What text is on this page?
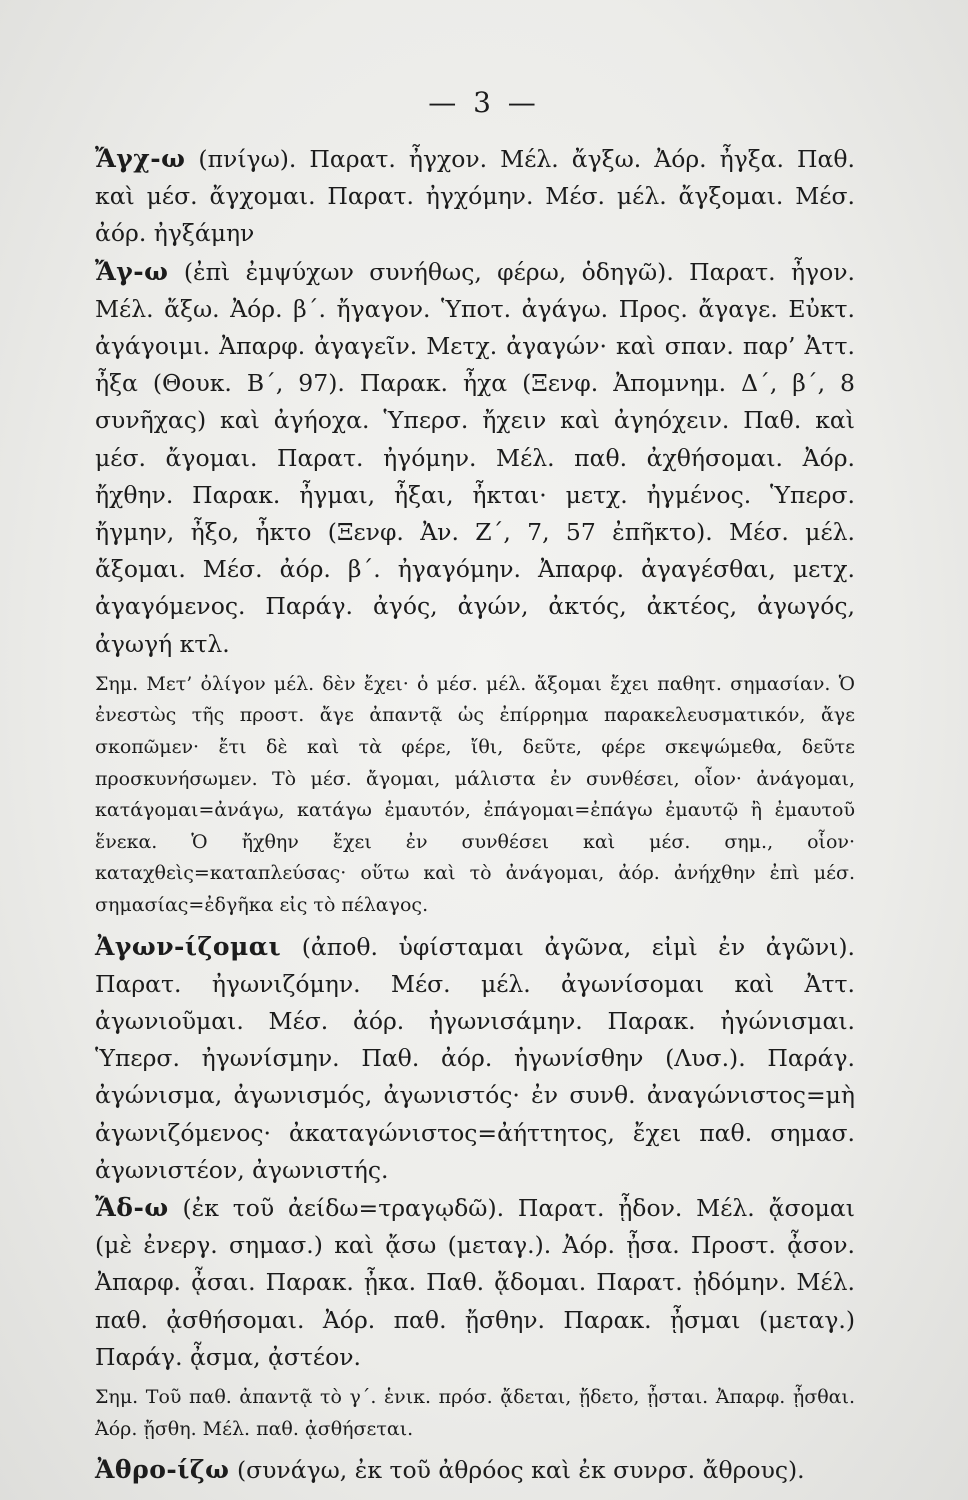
— 3 —

Ἄγχ-ω (πνίγω). Παρατ. ἦγχον. Μέλ. ἄγξω. Ἀόρ. ἦγξα. Παθ. καὶ μέσ. ἄγχομαι. Παρατ. ἠγχόμην. Μέσ. μέλ. ἄγξομαι. Μέσ. ἀόρ. ἠγξάμην

Ἄγ-ω (ἐπὶ ἐμψύχων συνήθως, φέρω, ὁδηγῶ). Παρατ. ἦγον. Μέλ. ἄξω. Ἀόρ. β΄. ἤγαγον. Ὑποτ. ἀγάγω. Προς. ἄγαγε. Εὐκτ. ἀγάγοιμι. Ἀπαρφ. ἀγαγεῖν. Μετχ. ἀγαγών· καὶ σπαν. παρ’ Ἀττ. ἦξα (Θουκ. Β΄, 97). Παρακ. ἦχα (Ξενφ. Ἀπομνημ. Δ΄, β΄, 8 συνῆχας) καὶ ἀγήοχα. Ὑπερσ. ἤχειν καὶ ἀγηόχειν. Παθ. καὶ μέσ. ἄγομαι. Παρατ. ἠγόμην. Μέλ. παθ. ἀχθήσομαι. Ἀόρ. ἤχθην. Παρακ. ἦγμαι, ἦξαι, ἦκται· μετχ. ἠγμένος. Ὑπερσ. ἤγμην, ἦξο, ἦκτο (Ξενφ. Ἀν. Ζ΄, 7, 57 ἐπῆκτο). Μέσ. μέλ. ἄξομαι. Μέσ. ἀόρ. β΄. ἠγαγόμην. Ἀπαρφ. ἀγαγέσθαι, μετχ. ἀγαγόμενος. Παράγ. ἀγός, ἀγών, ἀκτός, ἀκτέος, ἀγωγός, ἀγωγή κτλ.

Σημ. Μετ’ ὀλίγον μέλ. δὲν ἔχει· ὁ μέσ. μέλ. ἄξομαι ἔχει παθητ. σημασίαν. Ὁ ἐνεστὼς τῆς προστ. ἄγε ἀπαντᾷ ὡς ἐπίρρημα παρακελευσματικόν, ἄγε σκοπῶμεν· ἔτι δὲ καὶ τὰ φέρε, ἴθι, δεῦτε, φέρε σκεψώμεθα, δεῦτε προσκυνήσωμεν. Τὸ μέσ. ἄγομαι, μάλιστα ἐν συνθέσει, οἷον· ἀνάγομαι, κατάγομαι=ἀνάγω, κατάγω ἐμαυτόν, ἐπάγομαι=ἐπάγω ἐμαυτῷ ἢ ἐμαυτοῦ ἕνεκα. Ὁ ἤχθην ἔχει ἐν συνθέσει καὶ μέσ. σημ., οἷον· καταχθεὶς=καταπλεύσας· οὕτω καὶ τὸ ἀνάγομαι, ἀόρ. ἀνήχθην ἐπὶ μέσ. σημασίας=ἐδγῆκα εἰς τὸ πέλαγος.

Ἀγων-ίζομαι (ἀποθ. ὑφίσταμαι ἀγῶνα, εἰμὶ ἐν ἀγῶνι). Παρατ. ἠγωνιζόμην. Μέσ. μέλ. ἀγωνίσομαι καὶ Ἀττ. ἀγωνιοῦμαι. Μέσ. ἀόρ. ἠγωνισάμην. Παρακ. ἠγώνισμαι. Ὑπερσ. ἠγωνίσμην. Παθ. ἀόρ. ἠγωνίσθην (Λυσ.). Παράγ. ἀγώνισμα, ἀγωνισμός, ἀγωνιστός· ἐν συνθ. ἀναγώνιστος=μὴ ἀγωνιζόμενος· ἀκαταγώνιστος=ἀήττητος, ἔχει παθ. σημασ. ἀγωνιστέον, ἀγωνιστής.

Ἄδ-ω (ἐκ τοῦ ἀείδω=τραγῳδῶ). Παρατ. ᾖδον. Μέλ. ᾄσομαι (μὲ ἐνεργ. σημασ.) καὶ ᾄσω (μεταγ.). Ἀόρ. ᾖσα. Προστ. ᾆσον. Ἀπαρφ. ᾆσαι. Παρακ. ᾖκα. Παθ. ᾄδομαι. Παρατ. ᾐδόμην. Μέλ. παθ. ᾀσθήσομαι. Ἀόρ. παθ. ᾔσθην. Παρακ. ᾖσμαι (μεταγ.) Παράγ. ᾆσμα, ᾀστέον.

Σημ. Τοῦ παθ. ἀπαντᾷ τὸ γ΄. ἑνικ. πρόσ. ᾄδεται, ᾔδετο, ᾖσται. Ἀπαρφ. ᾖσθαι. Ἀόρ. ᾔσθη. Μέλ. παθ. ᾀσθήσεται.

Ἀθρο-ίζω (συνάγω, ἐκ τοῦ ἀθρόος καὶ ἐκ συνρσ. ἄθρους).
